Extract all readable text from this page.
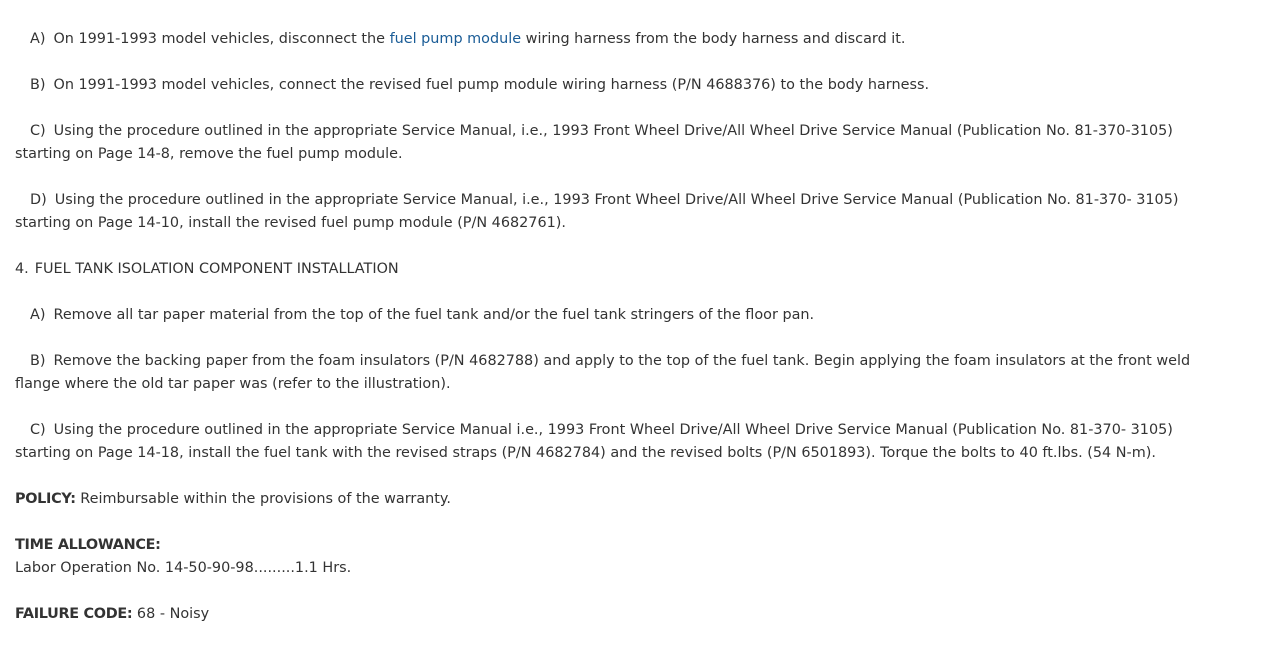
A) On 1991-1993 model vehicles, disconnect the fuel pump module wiring harness from the body harness and discard it.

B) On 1991-1993 model vehicles, connect the revised fuel pump module wiring harness (P/N 4688376) to the body harness.

C) Using the procedure outlined in the appropriate Service Manual, i.e., 1993 Front Wheel Drive/All Wheel Drive Service Manual (Publication No. 81-370-3105) starting on Page 14-8, remove the fuel pump module.

D) Using the procedure outlined in the appropriate Service Manual, i.e., 1993 Front Wheel Drive/All Wheel Drive Service Manual (Publication No. 81-370- 3105) starting on Page 14-10, install the revised fuel pump module (P/N 4682761).

4. FUEL TANK ISOLATION COMPONENT INSTALLATION

A) Remove all tar paper material from the top of the fuel tank and/or the fuel tank stringers of the floor pan.

B) Remove the backing paper from the foam insulators (P/N 4682788) and apply to the top of the fuel tank. Begin applying the foam insulators at the front weld flange where the old tar paper was (refer to the illustration).

C) Using the procedure outlined in the appropriate Service Manual i.e., 1993 Front Wheel Drive/All Wheel Drive Service Manual (Publication No. 81-370- 3105) starting on Page 14-18, install the fuel tank with the revised straps (P/N 4682784) and the revised bolts (P/N 6501893). Torque the bolts to 40 ft.lbs. (54 N-m).

POLICY: Reimbursable within the provisions of the warranty.

TIME ALLOWANCE:
Labor Operation No. 14-50-90-98.........1.1 Hrs.

FAILURE CODE: 68 - Noisy
